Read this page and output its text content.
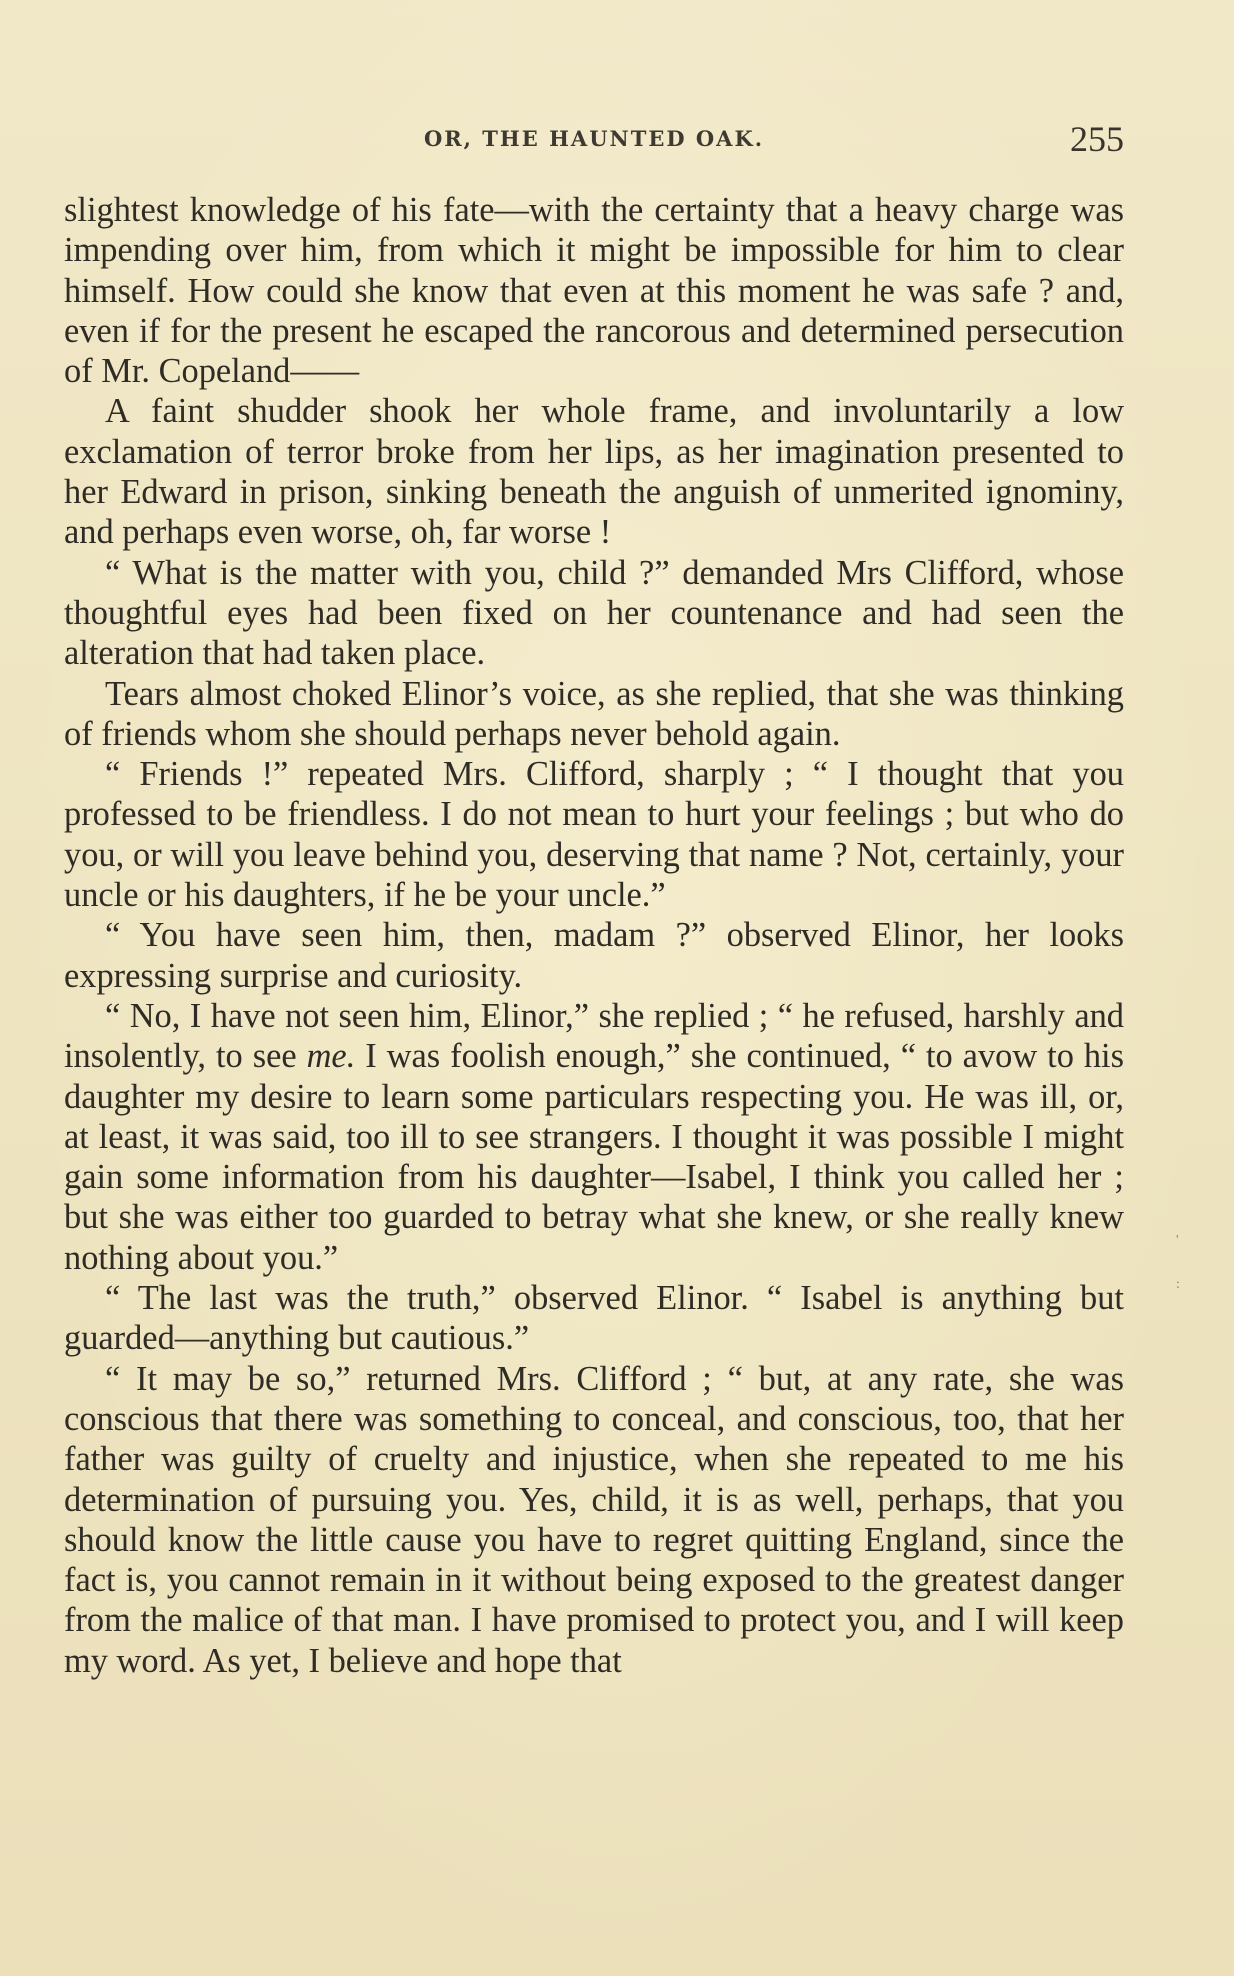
OR, THE HAUNTED OAK.	255

slightest knowledge of his fate—with the certainty that a heavy charge was impending over him, from which it might be impossible for him to clear himself. How could she know that even at this moment he was safe ? and, even if for the present he escaped the rancorous and determined persecution of Mr. Copeland——

A faint shudder shook her whole frame, and involuntarily a low exclamation of terror broke from her lips, as her imagination presented to her Edward in prison, sinking beneath the anguish of unmerited ignominy, and perhaps even worse, oh, far worse !

“ What is the matter with you, child ?” demanded Mrs Clifford, whose thoughtful eyes had been fixed on her countenance and had seen the alteration that had taken place.

Tears almost choked Elinor’s voice, as she replied, that she was thinking of friends whom she should perhaps never behold again.

“ Friends !” repeated Mrs. Clifford, sharply ; “ I thought that you professed to be friendless. I do not mean to hurt your feelings ; but who do you, or will you leave behind you, deserving that name ? Not, certainly, your uncle or his daughters, if he be your uncle.”

“ You have seen him, then, madam ?” observed Elinor, her looks expressing surprise and curiosity.

“ No, I have not seen him, Elinor,” she replied ; “ he refused, harshly and insolently, to see me. I was foolish enough,” she continued, “ to avow to his daughter my desire to learn some particulars respecting you. He was ill, or, at least, it was said, too ill to see strangers. I thought it was possible I might gain some information from his daughter—Isabel, I think you called her ; but she was either too guarded to betray what she knew, or she really knew nothing about you.”

“ The last was the truth,” observed Elinor. “ Isabel is anything but guarded—anything but cautious.”

“ It may be so,” returned Mrs. Clifford ; “ but, at any rate, she was conscious that there was something to conceal, and conscious, too, that her father was guilty of cruelty and injustice, when she repeated to me his determination of pursuing you. Yes, child, it is as well, perhaps, that you should know the little cause you have to regret quitting England, since the fact is, you cannot remain in it without being exposed to the greatest danger from the malice of that man. I have promised to protect you, and I will keep my word. As yet, I believe and hope that

'
:
